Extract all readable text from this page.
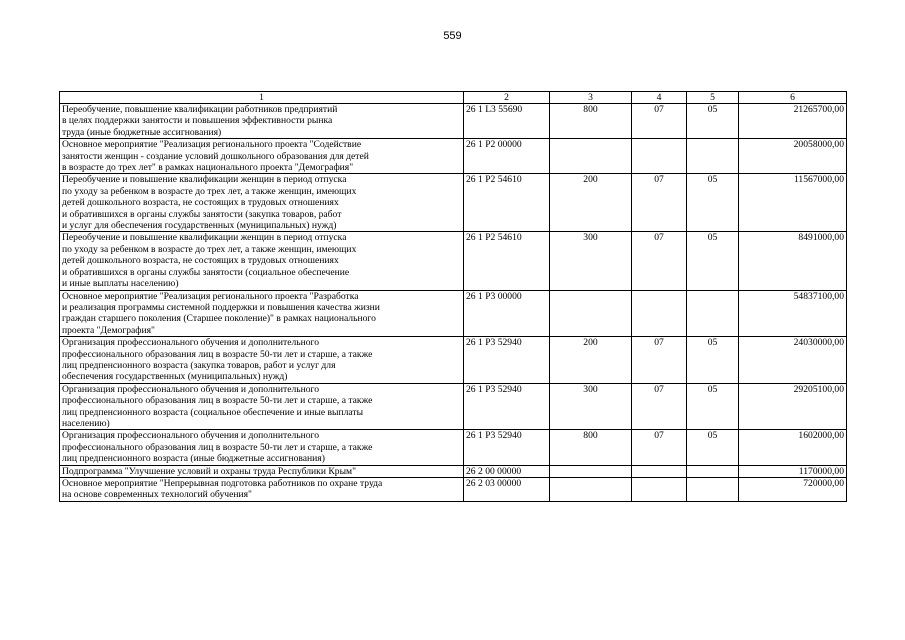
559
1	2	3	4	5	6
Переобучение, повышение квалификации работников предприятий
в целях поддержки занятости и повышения эффективности рынка
труда (иные бюджетные ассигнования)	26 1 L3 55690	800	07	05	21265700,00
Основное мероприятие "Реализация регионального проекта "Содействие
занятости женщин - создание условий дошкольного образования для детей
в возрасте до трех лет" в рамках национального проекта "Демография"	26 1 Р2 00000				20058000,00
Переобучение и повышение квалификации женщин в период отпуска
по уходу за ребенком в возрасте до трех лет, а также женщин, имеющих
детей дошкольного возраста, не состоящих в трудовых отношениях
и обратившихся в органы службы занятости (закупка товаров, работ
и услуг для обеспечения государственных (муниципальных) нужд)	26 1 Р2 54610	200	07	05	11567000,00
Переобучение и повышение квалификации женщин в период отпуска
по уходу за ребенком в возрасте до трех лет, а также женщин, имеющих
детей дошкольного возраста, не состоящих в трудовых отношениях
и обратившихся в органы службы занятости (социальное обеспечение
и иные выплаты населению)	26 1 Р2 54610	300	07	05	8491000,00
Основное мероприятие "Реализация регионального проекта "Разработка
и реализация программы системной поддержки и повышения качества жизни
граждан старшего поколения (Старшее поколение)" в рамках национального
проекта "Демография"	26 1 Р3 00000				54837100,00
Организация профессионального обучения и дополнительного
профессионального образования лиц в возрасте 50-ти лет и старше, а также
лиц предпенсионного возраста (закупка товаров, работ и услуг для
обеспечения государственных (муниципальных) нужд)	26 1 Р3 52940	200	07	05	24030000,00
Организация профессионального обучения и дополнительного
профессионального образования лиц в возрасте 50-ти лет и старше, а также
лиц предпенсионного возраста (социальное обеспечение и иные выплаты
населению)	26 1 Р3 52940	300	07	05	29205100,00
Организация профессионального обучения и дополнительного
профессионального образования лиц в возрасте 50-ти лет и старше, а также
лиц предпенсионного возраста (иные бюджетные ассигнования)	26 1 Р3 52940	800	07	05	1602000,00
Подпрограмма "Улучшение условий и охраны труда Республики Крым"	26 2 00 00000				1170000,00
Основное мероприятие "Непрерывная подготовка работников по охране труда
на основе современных технологий обучения"	26 2 03 00000				720000,00
